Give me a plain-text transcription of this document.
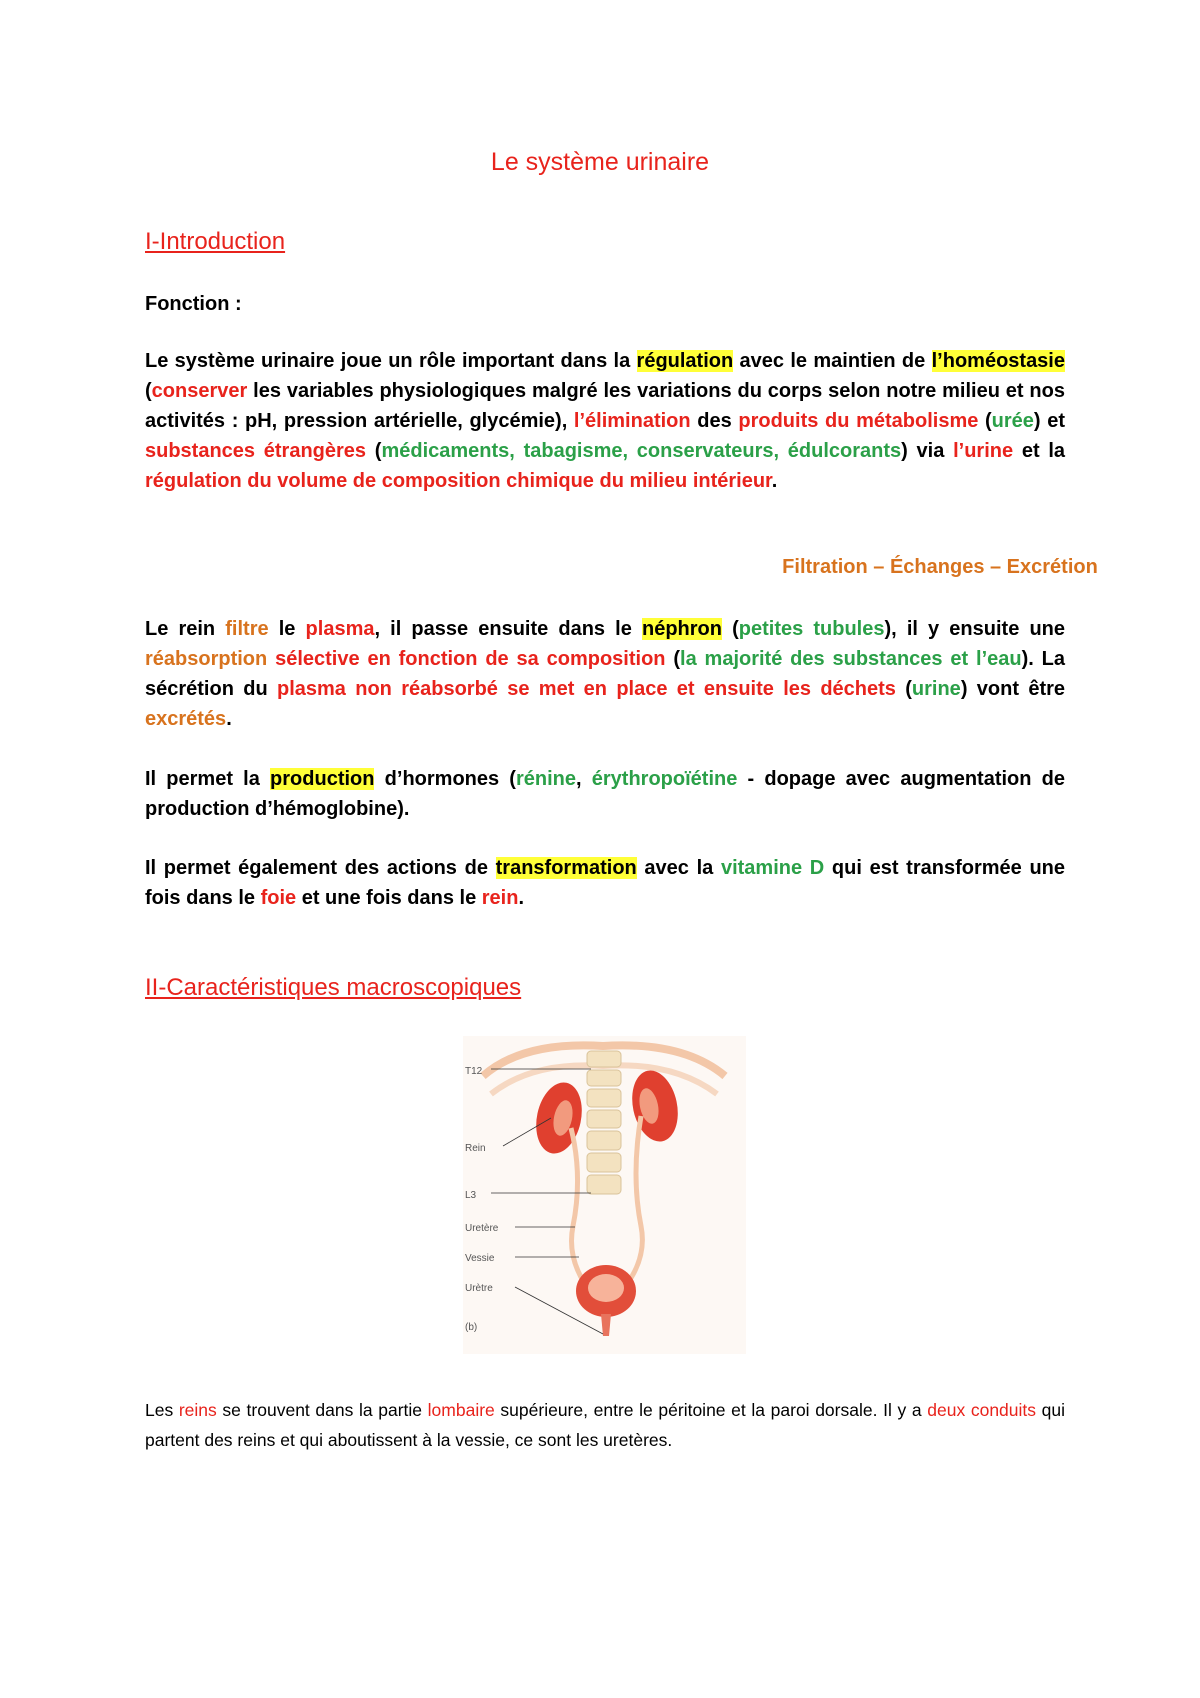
Le système urinaire
I-Introduction
Fonction :
Le système urinaire joue un rôle important dans la régulation avec le maintien de l’homéostasie (conserver les variables physiologiques malgré les variations du corps selon notre milieu et nos activités : pH, pression artérielle, glycémie), l’élimination des produits du métabolisme (urée) et substances étrangères (médicaments, tabagisme, conservateurs, édulcorants) via l’urine et la régulation du volume de composition chimique du milieu intérieur.
Filtration – Échanges – Excrétion
Le rein filtre le plasma, il passe ensuite dans le néphron (petites tubules), il y ensuite une réabsorption sélective en fonction de sa composition (la majorité des substances et l’eau). La sécrétion du plasma non réabsorbé se met en place et ensuite les déchets (urine) vont être excrétés.
Il permet la production d’hormones (rénine, érythropoïétine - dopage avec augmentation de production d’hémoglobine).
Il permet également des actions de transformation avec la vitamine D qui est transformée une fois dans le foie et une fois dans le rein.
II-Caractéristiques macroscopiques
T12
Rein
L3
Uretère
Vessie
Urètre
(b)
Les reins se trouvent dans la partie lombaire supérieure, entre le péritoine et la paroi dorsale. Il y a deux conduits qui partent des reins et qui aboutissent à la vessie, ce sont les uretères.
